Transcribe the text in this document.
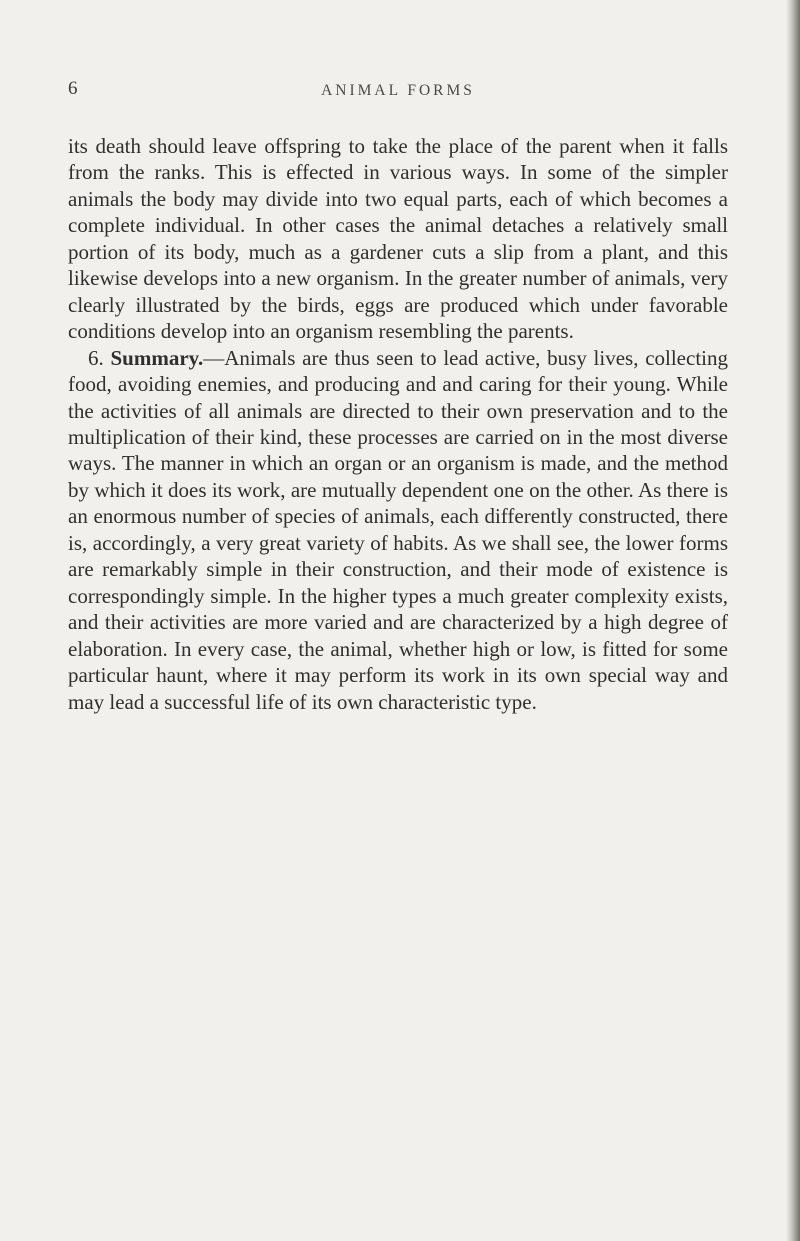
6	ANIMAL FORMS

its death should leave offspring to take the place of the parent when it falls from the ranks. This is effected in various ways. In some of the simpler animals the body may divide into two equal parts, each of which becomes a complete individual. In other cases the animal detaches a relatively small portion of its body, much as a gardener cuts a slip from a plant, and this likewise develops into a new organism. In the greater number of animals, very clearly illustrated by the birds, eggs are produced which under favorable conditions develop into an organism resembling the parents.

6. Summary.—Animals are thus seen to lead active, busy lives, collecting food, avoiding enemies, and producing and and caring for their young. While the activities of all animals are directed to their own preservation and to the multiplication of their kind, these processes are carried on in the most diverse ways. The manner in which an organ or an organism is made, and the method by which it does its work, are mutually dependent one on the other. As there is an enormous number of species of animals, each differently constructed, there is, accordingly, a very great variety of habits. As we shall see, the lower forms are remarkably simple in their construction, and their mode of existence is correspondingly simple. In the higher types a much greater complexity exists, and their activities are more varied and are characterized by a high degree of elaboration. In every case, the animal, whether high or low, is fitted for some particular haunt, where it may perform its work in its own special way and may lead a successful life of its own characteristic type.
